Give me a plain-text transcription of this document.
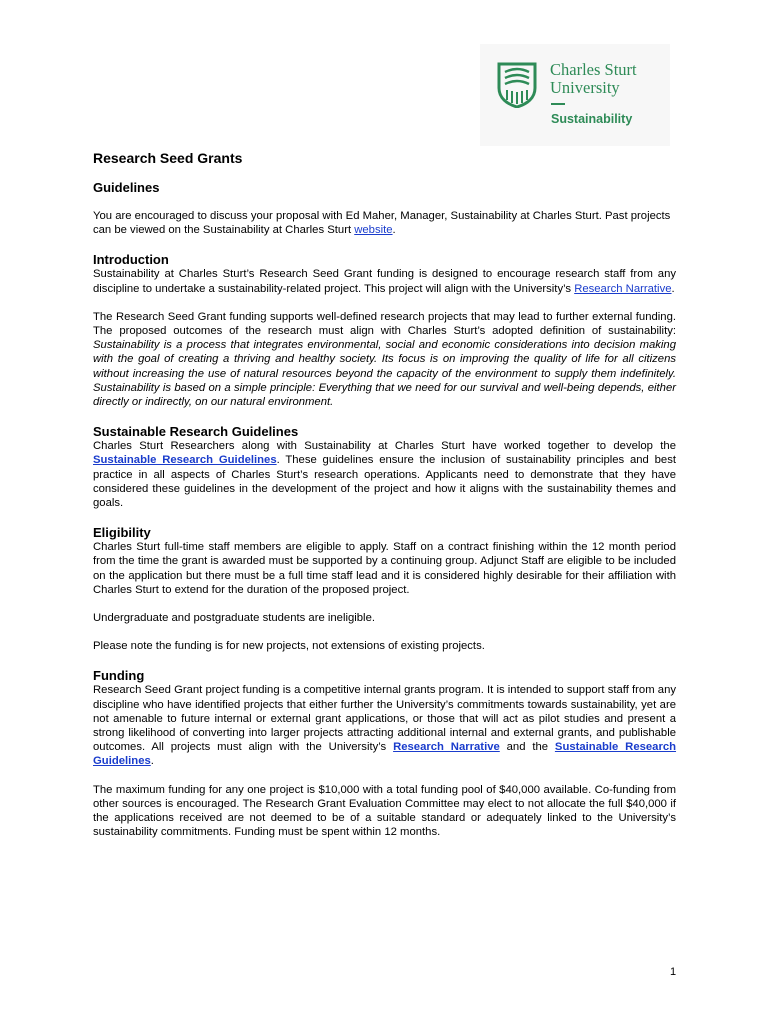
Charles Sturt
University
Sustainability
Research Seed Grants
Guidelines

You are encouraged to discuss your proposal with Ed Maher, Manager, Sustainability at Charles Sturt. Past projects can be viewed on the Sustainability at Charles Sturt website.

Introduction

Sustainability at Charles Sturt’s Research Seed Grant funding is designed to encourage research staff from any discipline to undertake a sustainability-related project. This project will align with the University’s Research Narrative.

The Research Seed Grant funding supports well-defined research projects that may lead to further external funding. The proposed outcomes of the research must align with Charles Sturt’s adopted definition of sustainability: Sustainability is a process that integrates environmental, social and economic considerations into decision making with the goal of creating a thriving and healthy society. Its focus is on improving the quality of life for all citizens without increasing the use of natural resources beyond the capacity of the environment to supply them indefinitely. Sustainability is based on a simple principle: Everything that we need for our survival and well-being depends, either directly or indirectly, on our natural environment.

Sustainable Research Guidelines

Charles Sturt Researchers along with Sustainability at Charles Sturt have worked together to develop the Sustainable Research Guidelines. These guidelines ensure the inclusion of sustainability principles and best practice in all aspects of Charles Sturt’s research operations. Applicants need to demonstrate that they have considered these guidelines in the development of the project and how it aligns with the sustainability themes and goals.

Eligibility

Charles Sturt full-time staff members are eligible to apply. Staff on a contract finishing within the 12 month period from the time the grant is awarded must be supported by a continuing group. Adjunct Staff are eligible to be included on the application but there must be a full time staff lead and it is considered highly desirable for their affiliation with Charles Sturt to extend for the duration of the proposed project.

Undergraduate and postgraduate students are ineligible.

Please note the funding is for new projects, not extensions of existing projects.

Funding

Research Seed Grant project funding is a competitive internal grants program. It is intended to support staff from any discipline who have identified projects that either further the University’s commitments towards sustainability, yet are not amenable to future internal or external grant applications, or those that will act as pilot studies and present a strong likelihood of converting into larger projects attracting additional internal and external grants, and publishable outcomes. All projects must align with the University’s Research Narrative and the Sustainable Research Guidelines.

The maximum funding for any one project is $10,000 with a total funding pool of $40,000 available. Co-funding from other sources is encouraged. The Research Grant Evaluation Committee may elect to not allocate the full $40,000 if the applications received are not deemed to be of a suitable standard or adequately linked to the University’s sustainability commitments. Funding must be spent within 12 months.

1
